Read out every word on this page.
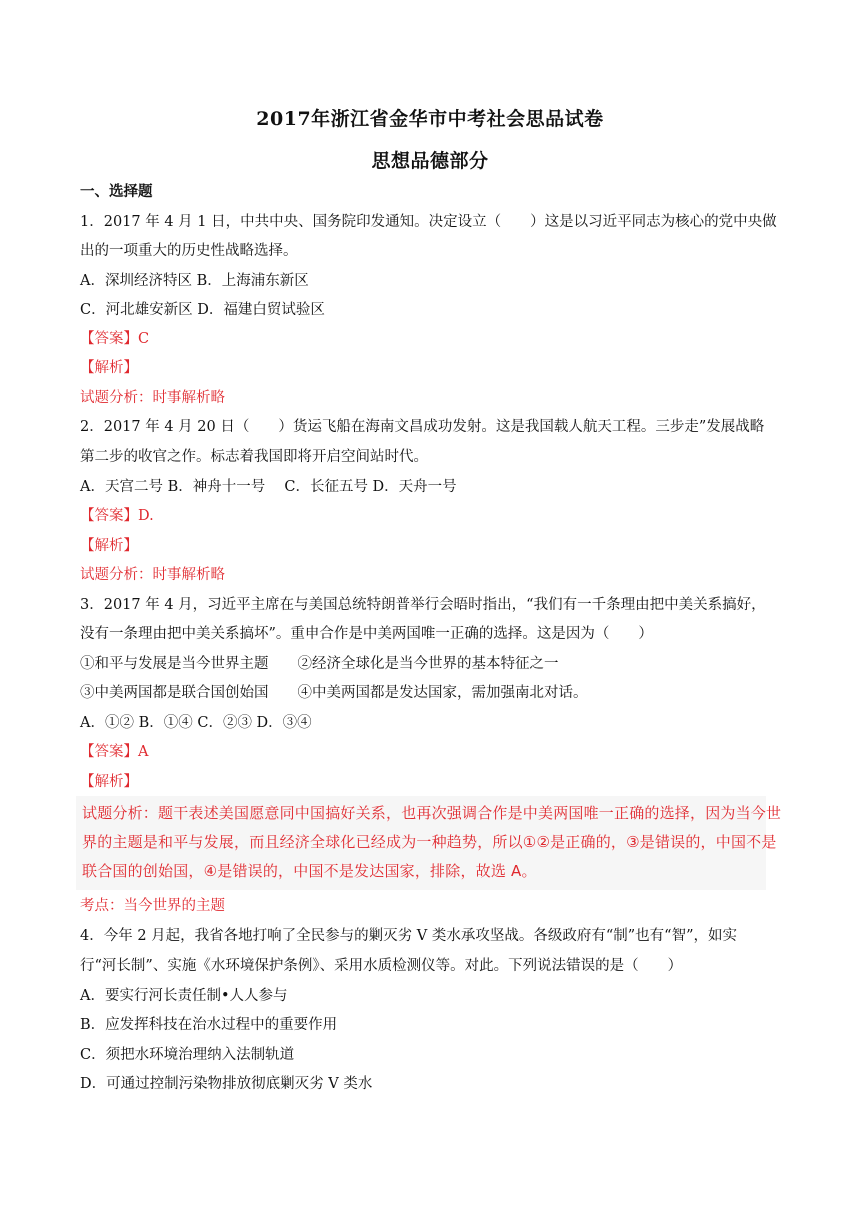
2017年浙江省金华市中考社会思品试卷
思想品德部分
一、选择题
1．2017 年 4 月 1 日，中共中央、国务院印发通知。决定设立（　　）这是以习近平同志为核心的党中央做
出的一项重大的历史性战略选择。
A．深圳经济特区 B．上海浦东新区
C．河北雄安新区 D．福建白贸试验区
【答案】C
【解析】
试题分析：时事解析略
2．2017 年 4 月 20 日（　　）货运飞船在海南文昌成功发射。这是我国载人航天工程。三步走”发展战略
第二步的收官之作。标志着我国即将开启空间站时代。
A．天宫二号 B．神舟十一号　 C．长征五号 D．天舟一号
【答案】D.
【解析】
试题分析：时事解析略
3．2017 年 4 月，习近平主席在与美国总统特朗普举行会晤时指出，“我们有一千条理由把中美关系搞好，
没有一条理由把中美关系搞坏”。重申合作是中美两国唯一正确的选择。这是因为（　　）
①和平与发展是当今世界主题　　②经济全球化是当今世界的基本特征之一
③中美两国都是联合国创始国　　④中美两国都是发达国家，需加强南北对话。
A．①② B．①④ C．②③ D．③④
【答案】A
【解析】
试题分析：题干表述美国愿意同中国搞好关系，也再次强调合作是中美两国唯一正确的选择，因为当今世
界的主题是和平与发展，而且经济全球化已经成为一种趋势，所以①②是正确的，③是错误的，中国不是
联合国的创始国，④是错误的，中国不是发达国家，排除，故选 A。
考点：当今世界的主题
4．今年 2 月起，我省各地打响了全民参与的剿灭劣 V 类水承攻坚战。各级政府有“制”也有“智”，如实
行“河长制”、实施《水环境保护条例》、采用水质检测仪等。对此。下列说法错误的是（　　）
A．要实行河长责任制•人人参与
B．应发挥科技在治水过程中的重要作用
C．须把水环境治理纳入法制轨道
D．可通过控制污染物排放彻底剿灭劣 V 类水
